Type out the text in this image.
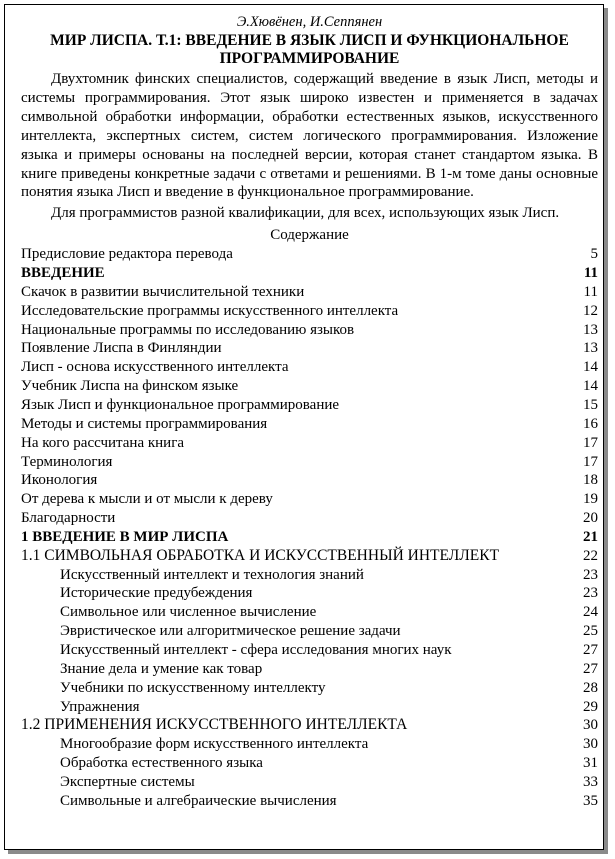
Э.Хювёнен, И.Сеппянен
МИР ЛИСПА. Т.1: ВВЕДЕНИЕ В ЯЗЫК ЛИСП И ФУНКЦИОНАЛЬНОЕ
ПРОГРАММИРОВАНИЕ

Двухтомник финских специалистов, содержащий введение в язык Лисп, методы и системы программирования. Этот язык широко известен и применяется в задачах символьной обработки информации, обработки естественных языков, искусственного интеллекта, экспертных систем, систем логического программирования. Изложение языка и примеры основаны на последней версии, которая станет стандартом языка. В книге приведены конкретные задачи с ответами и решениями. В 1-м томе даны основные понятия языка Лисп и введение в функциональное программирование.

Для программистов разной квалификации, для всех, использующих язык Лисп.

Содержание
Предисловие редактора перевода	5
ВВЕДЕНИЕ	11
Скачок в развитии вычислительной техники	11
Исследовательские программы искусственного интеллекта	12
Национальные программы по исследованию языков	13
Появление Лиспа в Финляндии	13
Лисп - основа искусственного интеллекта	14
Учебник Лиспа на финском языке	14
Язык Лисп и функциональное программирование	15
Методы и системы программирования	16
На кого рассчитана книга	17
Терминология	17
Иконология	18
От дерева к мысли и от мысли к дереву	19
Благодарности	20
1 ВВЕДЕНИЕ В МИР ЛИСПА	21
1.1 СИМВОЛЬНАЯ ОБРАБОТКА И ИСКУССТВЕННЫЙ ИНТЕЛЛЕКТ	22
Искусственный интеллект и технология знаний	23
Исторические предубеждения	23
Символьное или численное вычисление	24
Эвристическое или алгоритмическое решение задачи	25
Искусственный интеллект - сфера исследования многих наук	27
Знание дела и умение как товар	27
Учебники по искусственному интеллекту	28
Упражнения	29
1.2 ПРИМЕНЕНИЯ ИСКУССТВЕННОГО ИНТЕЛЛЕКТА	30
Многообразие форм искусственного интеллекта	30
Обработка естественного языка	31
Экспертные системы	33
Символьные и алгебраические вычисления	35
